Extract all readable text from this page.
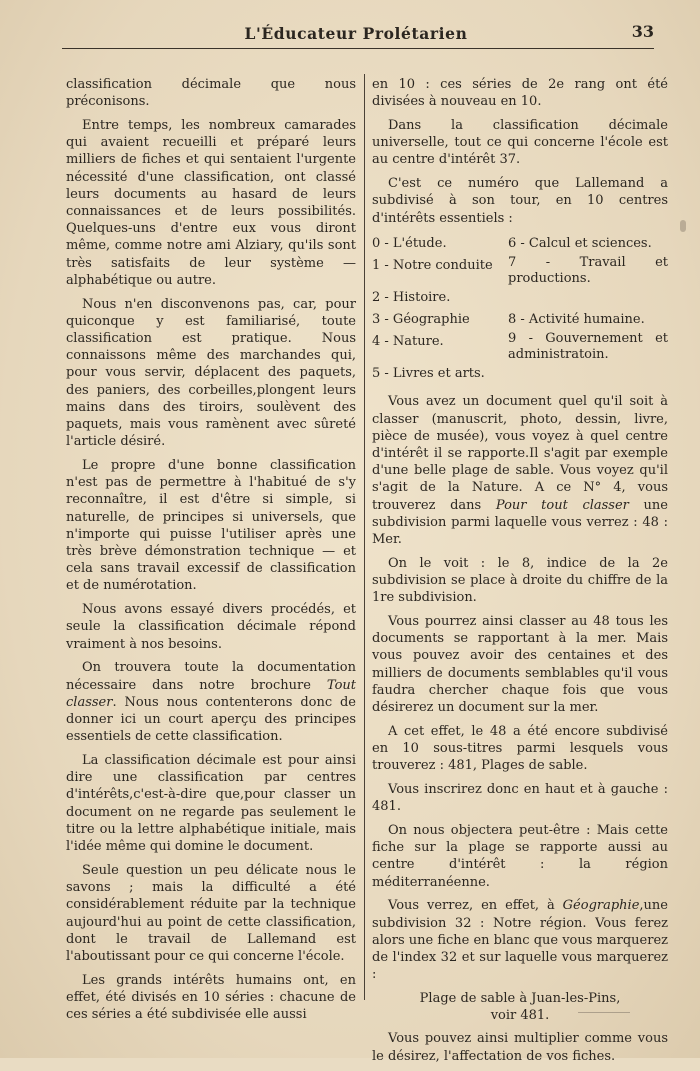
L'Éducateur Prolétarien	33

classification décimale que nous préconisons.

Entre temps, les nombreux camarades qui avaient recueilli et préparé leurs milliers de fiches et qui sentaient l'urgente nécessité d'une classification, ont classé leurs documents au hasard de leurs connaissances et de leurs possibilités. Quelques-uns d'entre eux vous diront même, comme notre ami Alziary, qu'ils sont très satisfaits de leur système — alphabétique ou autre.

Nous n'en disconvenons pas, car, pour quiconque y est familiarisé, toute classification est pratique. Nous connaissons même des marchandes qui, pour vous servir, déplacent des paquets, des paniers, des corbeilles,plongent leurs mains dans des tiroirs, soulèvent des paquets, mais vous ramènent avec sûreté l'article désiré.

Le propre d'une bonne classification n'est pas de permettre à l'habitué de s'y reconnaître, il est d'être si simple, si naturelle, de principes si universels, que n'importe qui puisse l'utiliser après une très brève démonstration technique — et cela sans travail excessif de classification et de numérotation.

Nous avons essayé divers procédés, et seule la classification décimale répond vraiment à nos besoins.

On trouvera toute la documentation nécessaire dans notre brochure Tout classer. Nous nous contenterons donc de donner ici un court aperçu des principes essentiels de cette classification.

La classification décimale est pour ainsi dire une classification par centres d'intérêts,c'est-à-dire que,pour classer un document on ne regarde pas seulement le titre ou la lettre alphabétique initiale, mais l'idée même qui domine le document.

Seule question un peu délicate nous le savons ; mais la difficulté a été considérablement réduite par la technique aujourd'hui au point de cette classification, dont le travail de Lallemand est l'aboutissant pour ce qui concerne l'école.

Les grands intérêts humains ont, en effet, été divisés en 10 séries : chacune de ces séries a été subdivisée elle aussi

en 10 : ces séries de 2e rang ont été divisées à nouveau en 10.

Dans la classification décimale universelle, tout ce qui concerne l'école est au centre d'intérêt 37.

C'est ce numéro que Lallemand a subdivisé à son tour, en 10 centres d'intérêts essentiels :

0 - L'étude.	6 - Calcul et sciences.
1 - Notre conduite	7 - Travail et productions.
2 - Histoire.
3 - Géographie	8 - Activité humaine.
4 - Nature.	9 - Gouvernement et administratoin.
5 - Livres et arts.

Vous avez un document quel qu'il soit à classer (manuscrit, photo, dessin, livre, pièce de musée), vous voyez à quel centre d'intérêt il se rapporte.Il s'agit par exemple d'une belle plage de sable. Vous voyez qu'il s'agit de la Nature. A ce N° 4, vous trouverez dans Pour tout classer une subdivision parmi laquelle vous verrez : 48 : Mer.

On le voit : le 8, indice de la 2e subdivision se place à droite du chiffre de la 1re subdivision.

Vous pourrez ainsi classer au 48 tous les documents se rapportant à la mer. Mais vous pouvez avoir des centaines et des milliers de documents semblables qu'il vous faudra chercher chaque fois que vous désirerez un document sur la mer.

A cet effet, le 48 a été encore subdivisé en 10 sous-titres parmi lesquels vous trouverez : 481, Plages de sable.

Vous inscrirez donc en haut et à gauche : 481.

On nous objectera peut-être : Mais cette fiche sur la plage se rapporte aussi au centre d'intérêt : la région méditerranéenne.

Vous verrez, en effet, à Géographie,une subdivision 32 : Notre région. Vous ferez alors une fiche en blanc que vous marquerez de l'index 32 et sur laquelle vous marquerez :

Plage de sable à Juan-les-Pins,

voir 481.

Vous pouvez ainsi multiplier comme vous le désirez, l'affectation de vos fiches.
